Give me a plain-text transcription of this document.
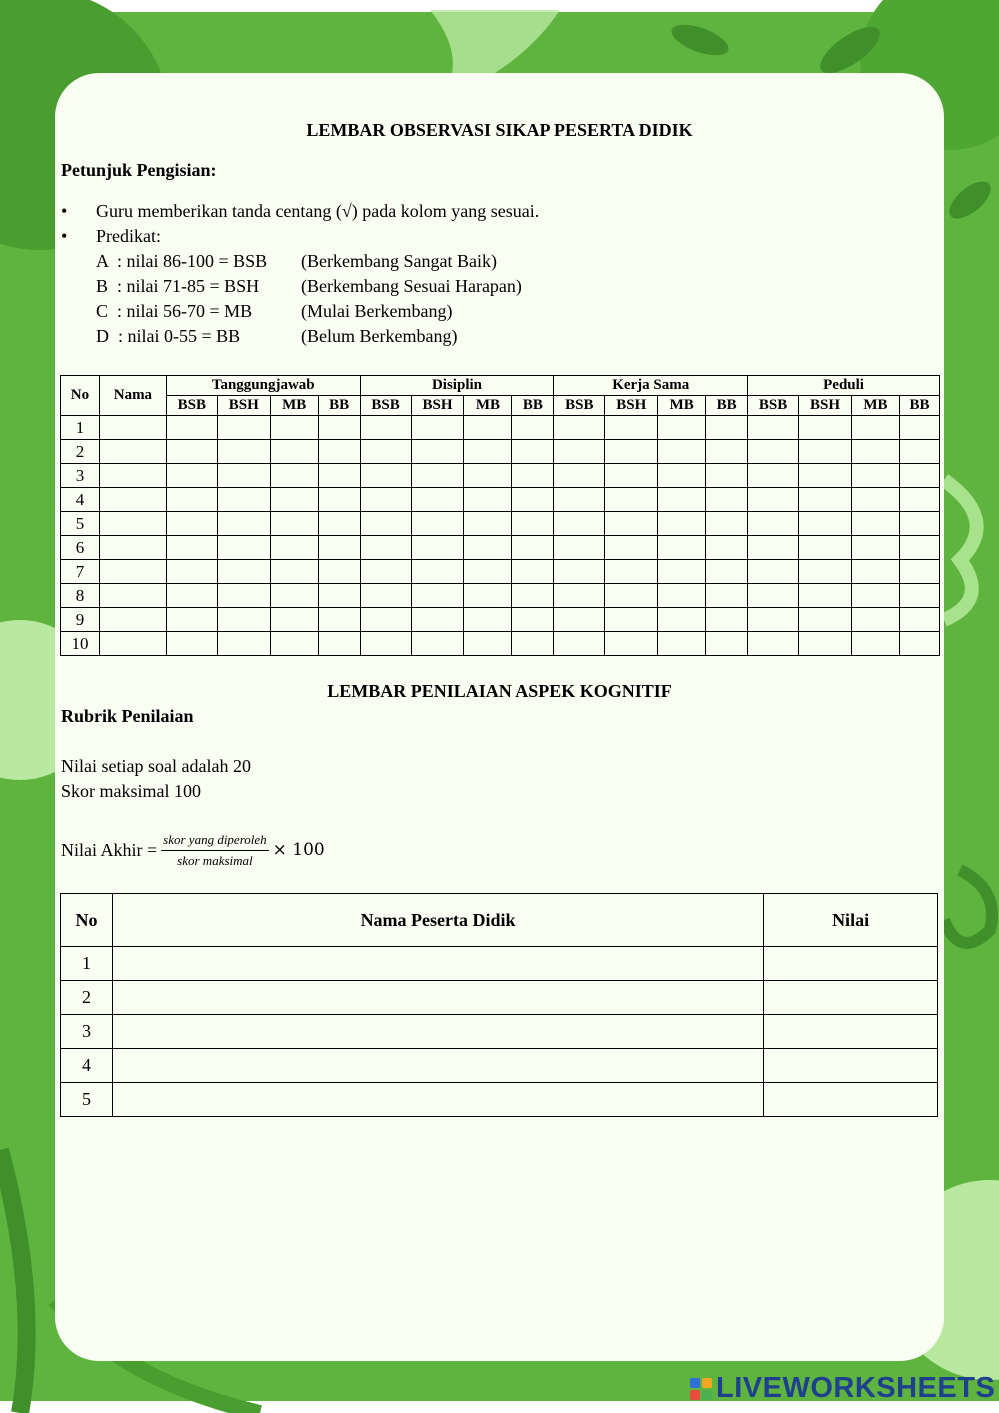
LEMBAR OBSERVASI SIKAP PESERTA DIDIK
Petunjuk Pengisian:
•	Guru memberikan tanda centang (√) pada kolom yang sesuai.
•	Predikat:
A  : nilai 86-100 = BSB	(Berkembang Sangat Baik)
B  : nilai 71-85 = BSH	(Berkembang Sesuai Harapan)
C  : nilai 56-70 = MB	(Mulai Berkembang)
D  : nilai 0-55 = BB	(Belum Berkembang)
No	Nama	Tanggungjawab				Disiplin				Kerja Sama				Peduli			
		BSB	BSH	MB	BB	BSB	BSH	MB	BB	BSB	BSH	MB	BB	BSB	BSH	MB	BB
1																	
2																	
3																	
4																	
5																	
6																	
7																	
8																	
9																	
10																	
LEMBAR PENILAIAN ASPEK KOGNITIF
Rubrik Penilaian
Nilai setiap soal adalah 20
Skor maksimal 100
Nilai Akhir = $\frac{\text{skor yang diperoleh}}{\text{skor maksimal}} \times 100$
No	Nama Peserta Didik	Nilai
1		
2		
3		
4		
5		
LIVEWORKSHEETS
